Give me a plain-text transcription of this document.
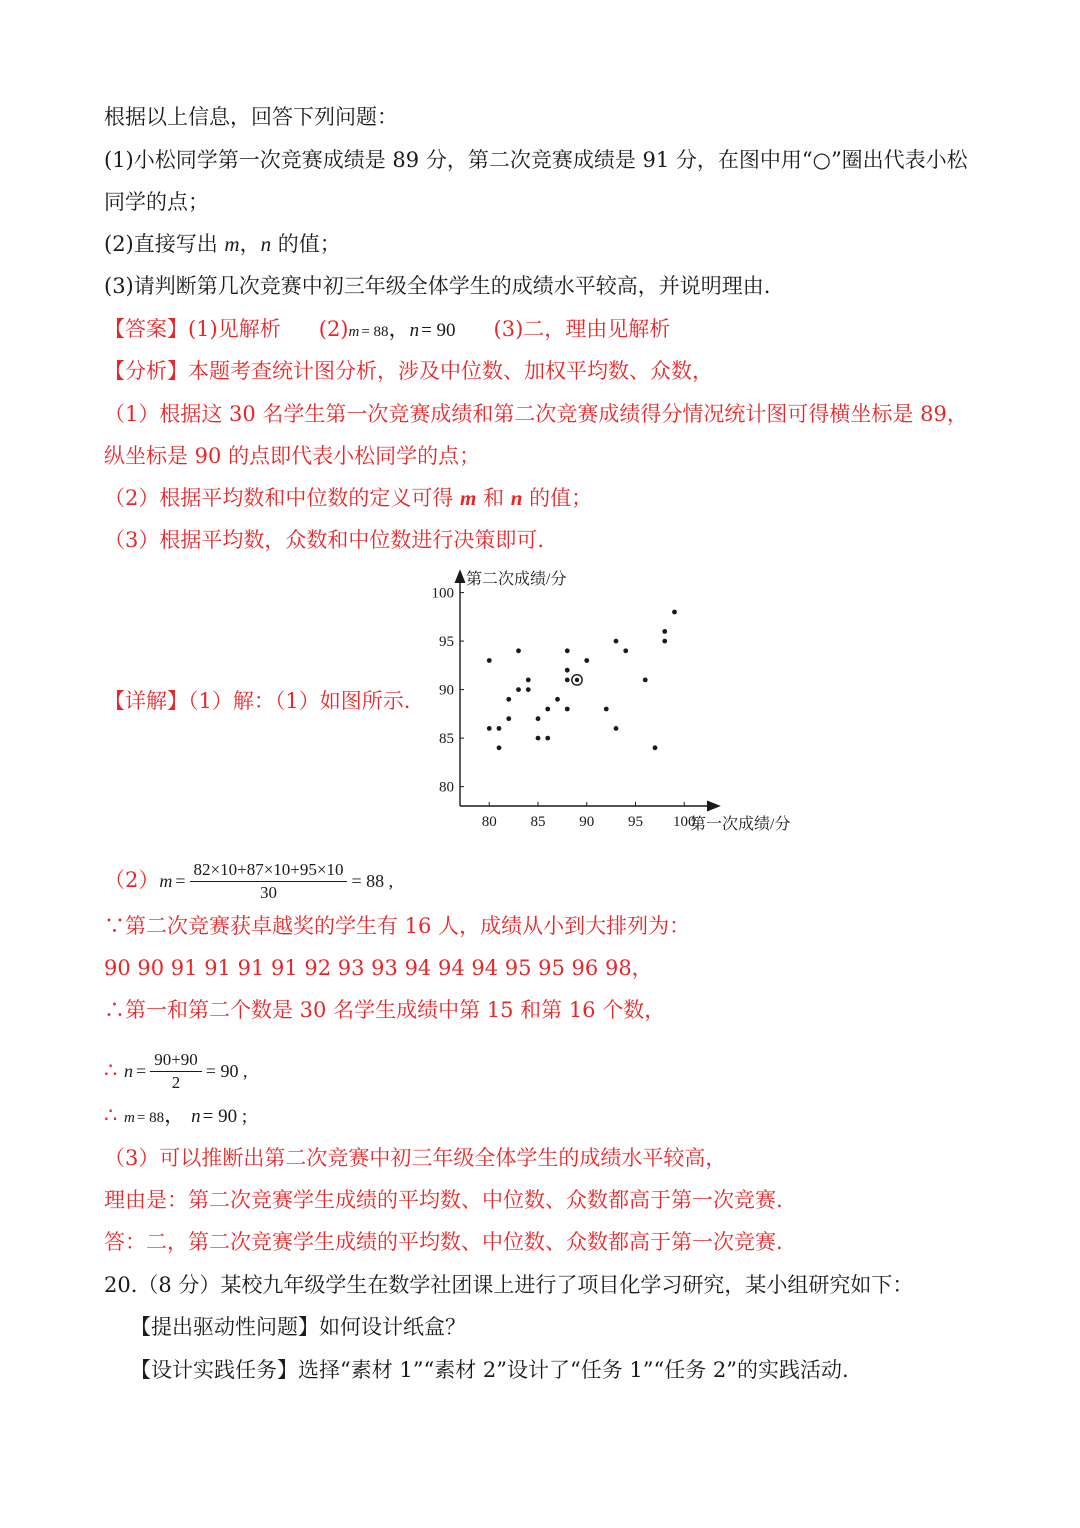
根据以上信息，回答下列问题：
(1)小松同学第一次竞赛成绩是 89 分，第二次竞赛成绩是 91 分，在图中用“○”圈出代表小松
同学的点；
(2)直接写出 m，n 的值；
(3)请判断第几次竞赛中初三年级全体学生的成绩水平较高，并说明理由.
【答案】(1)见解析 (2)m = 88，n = 90 (3)二，理由见解析
【分析】本题考查统计图分析，涉及中位数、加权平均数、众数，
（1）根据这 30 名学生第一次竞赛成绩和第二次竞赛成绩得分情况统计图可得横坐标是 89，
纵坐标是 90 的点即代表小松同学的点；
（2）根据平均数和中位数的定义可得 m 和 n 的值；
（3）根据平均数，众数和中位数进行决策即可.
【详解】（1）解：（1）如图所示.
80 85 90 95 100
80
85
90
95
100
第二次成绩/分
第一次成绩/分
$(2)m = \frac{82\times 10+87\times 10+95\times 10}{30} = 88$ ,
∵第二次竞赛获卓越奖的学生有 16 人，成绩从小到大排列为：
90 90 91 91 91 91 92 93 93 94 94 94 95 95 96 98，
∴第一和第二个数是 30 名学生成绩中第 15 和第 16 个数，
∴ $n = \frac{90+90}{2} = 90$ ,
∴ m = 88， n = 90 ;
（3）可以推断出第二次竞赛中初三年级全体学生的成绩水平较高，
理由是：第二次竞赛学生成绩的平均数、中位数、众数都高于第一次竞赛.
答：二，第二次竞赛学生成绩的平均数、中位数、众数都高于第一次竞赛.
20.（8 分）某校九年级学生在数学社团课上进行了项目化学习研究，某小组研究如下：
【提出驱动性问题】如何设计纸盒？
【设计实践任务】选择“素材 1”“素材 2”设计了“任务 1”“任务 2”的实践活动.
